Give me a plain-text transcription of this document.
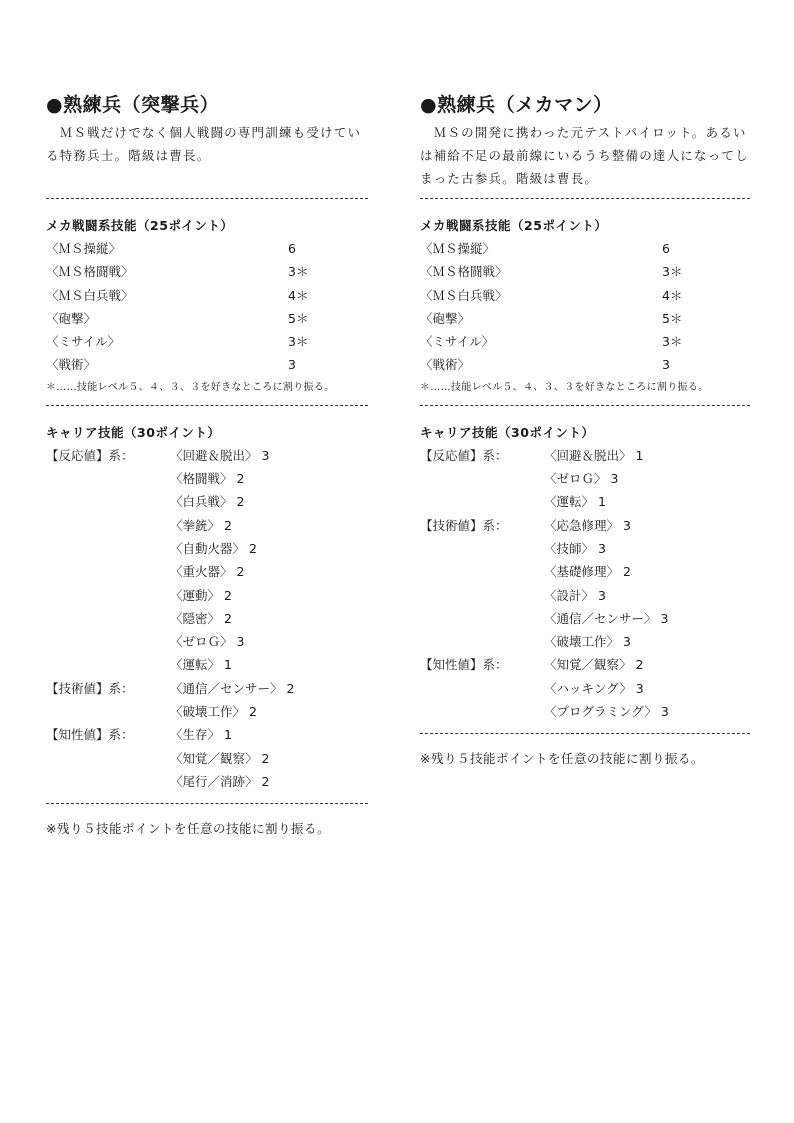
●熟練兵（突撃兵）

ＭＳ戦だけでなく個人戦闘の専門訓練も受けている特務兵士。階級は曹長。

メカ戦闘系技能（25ポイント）

〈ＭＳ操縦〉	6
〈ＭＳ格闘戦〉	3＊
〈ＭＳ白兵戦〉	4＊
〈砲撃〉	5＊
〈ミサイル〉	3＊
〈戦術〉	3

＊……技能レベル５、４、３、３を好きなところに割り振る。

キャリア技能（30ポイント）

【反応値】系：	〈回避＆脱出〉 3
〈格闘戦〉 2
〈白兵戦〉 2
〈拳銃〉 2
〈自動火器〉 2
〈重火器〉 2
〈運動〉 2
〈隠密〉 2
〈ゼロＧ〉 3
〈運転〉 1
【技術値】系：	〈通信／センサー〉 2
〈破壊工作〉 2
【知性値】系：	〈生存〉 1
〈知覚／観察〉 2
〈尾行／消跡〉 2

※残り５技能ポイントを任意の技能に割り振る。

●熟練兵（メカマン）

ＭＳの開発に携わった元テストパイロット。あるいは補給不足の最前線にいるうち整備の達人になってしまった古参兵。階級は曹長。

メカ戦闘系技能（25ポイント）

〈ＭＳ操縦〉	6
〈ＭＳ格闘戦〉	3＊
〈ＭＳ白兵戦〉	4＊
〈砲撃〉	5＊
〈ミサイル〉	3＊
〈戦術〉	3

＊……技能レベル５、４、３、３を好きなところに割り振る。

キャリア技能（30ポイント）

【反応値】系：	〈回避＆脱出〉 1
〈ゼロＧ〉 3
〈運転〉 1
【技術値】系：	〈応急修理〉 3
〈技師〉 3
〈基礎修理〉 2
〈設計〉 3
〈通信／センサー〉 3
〈破壊工作〉 3
【知性値】系：	〈知覚／観察〉 2
〈ハッキング〉 3
〈プログラミング〉 3

※残り５技能ポイントを任意の技能に割り振る。
